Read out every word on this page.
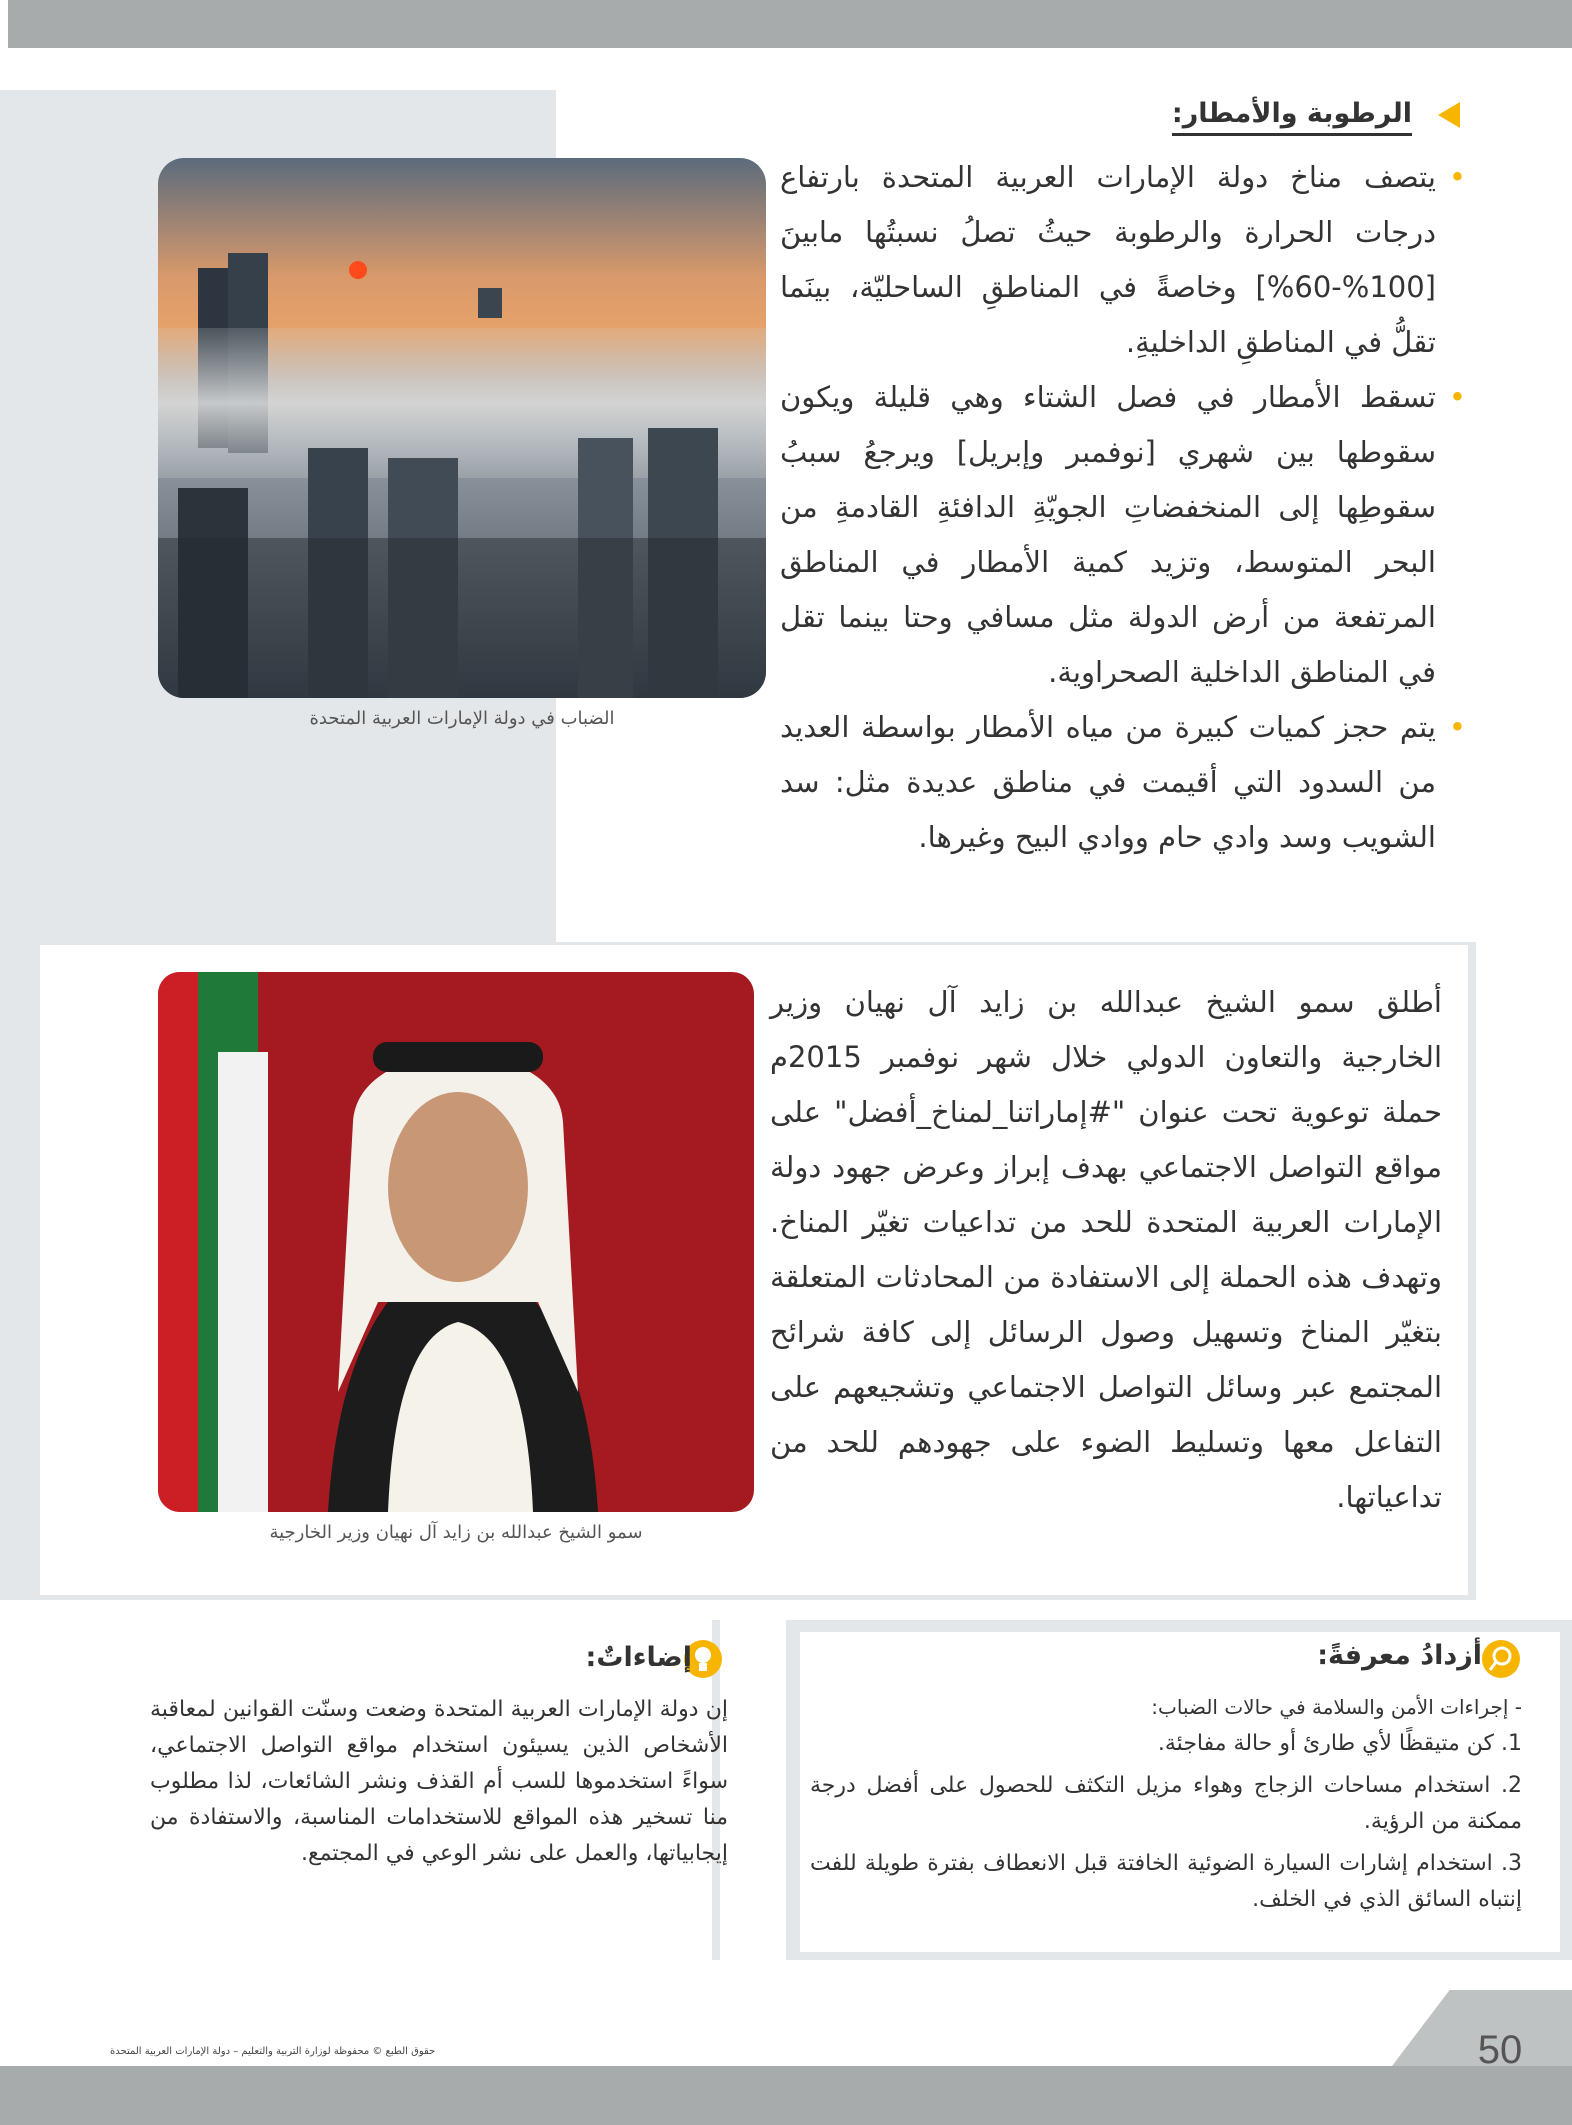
الرطوبة والأمطار:
• يتصف مناخ دولة الإمارات العربية المتحدة بارتفاع درجات الحرارة والرطوبة حيثُ تصلُ نسبتُها مابينَ [100%-60%] وخاصةً في المناطقِ الساحليّة، بينَما تقلُّ في المناطقِ الداخليةِ.
• تسقط الأمطار في فصل الشتاء وهي قليلة ويكون سقوطها بين شهري [نوفمبر وإبريل] ويرجعُ سببُ سقوطِها إلى المنخفضاتِ الجويّةِ الدافئةِ القادمةِ من البحر المتوسط، وتزيد كمية الأمطار في المناطق المرتفعة من أرض الدولة مثل مسافي وحتا بينما تقل في المناطق الداخلية الصحراوية.
• يتم حجز كميات كبيرة من مياه الأمطار بواسطة العديد من السدود التي أقيمت في مناطق عديدة مثل: سد الشويب وسد وادي حام ووادي البيح وغيرها.
الضباب في دولة الإمارات العربية المتحدة

أطلق سمو الشيخ عبدالله بن زايد آل نهيان وزير الخارجية والتعاون الدولي خلال شهر نوفمبر 2015م حملة توعوية تحت عنوان "#إماراتنا_لمناخ_أفضل" على مواقع التواصل الاجتماعي بهدف إبراز وعرض جهود دولة الإمارات العربية المتحدة للحد من تداعيات تغيّر المناخ. وتهدف هذه الحملة إلى الاستفادة من المحادثات المتعلقة بتغيّر المناخ وتسهيل وصول الرسائل إلى كافة شرائح المجتمع عبر وسائل التواصل الاجتماعي وتشجيعهم على التفاعل معها وتسليط الضوء على جهودهم للحد من تداعياتها.

سمو الشيخ عبدالله بن زايد آل نهيان وزير الخارجية
أزدادُ معرفةً:
- إجراءات الأمن والسلامة في حالات الضباب:
1. كن متيقظًا لأي طارئ أو حالة مفاجئة.
2. استخدام مساحات الزجاج وهواء مزيل التكثف للحصول على أفضل درجة ممكنة من الرؤية.
3. استخدام إشارات السيارة الضوئية الخافتة قبل الانعطاف بفترة طويلة للفت إنتباه السائق الذي في الخلف.
إضاءاتٌ:

إن دولة الإمارات العربية المتحدة وضعت وسنّت القوانين لمعاقبة الأشخاص الذين يسيئون استخدام مواقع التواصل الاجتماعي، سواءً استخدموها للسب أم القذف ونشر الشائعات، لذا مطلوب منا تسخير هذه المواقع للاستخدامات المناسبة، والاستفادة من إيجابياتها، والعمل على نشر الوعي في المجتمع.

50
حقوق الطبع © محفوظة لوزارة التربية والتعليم – دولة الإمارات العربية المتحدة
